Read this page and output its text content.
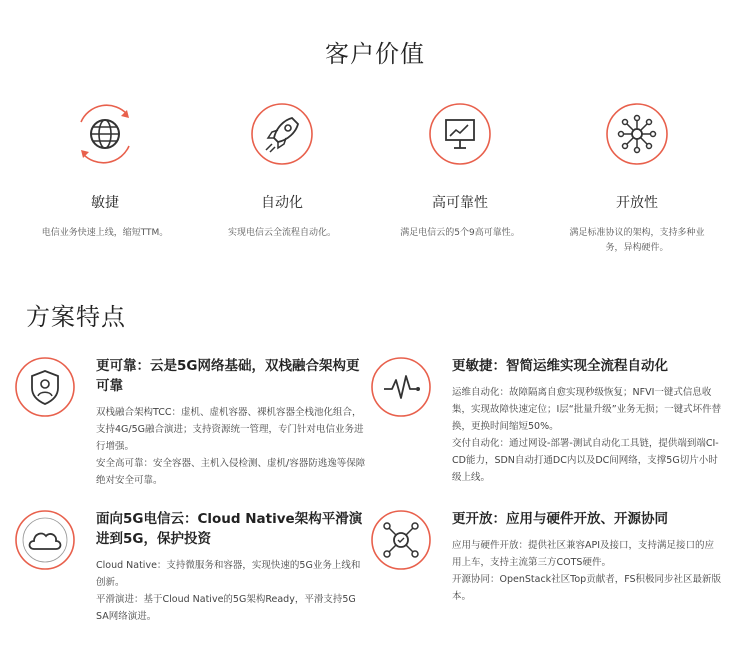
客户价值
敏捷
电信业务快速上线，缩短TTM。
自动化
实现电信云全流程自动化。
高可靠性
满足电信云的5个9高可靠性。
开放性
满足标准协议的架构，支持多种业务，异构硬件。
方案特点
更可靠：云是5G网络基础，双栈融合架构更可靠

双栈融合架构TCC：虚机、虚机容器、裸机容器全栈池化组合，支持4G/5G融合演进；支持资源统一管理，专门针对电信业务进行增强。

安全高可靠：安全容器、主机入侵检测、虚机/容器防逃逸等保障绝对安全可靠。

更敏捷：智简运维实现全流程自动化

运维自动化：故障隔离自愈实现秒级恢复；NFVI一键式信息收集，实现故障快速定位；I层“批量升级”业务无损；一键式坏件替换，更换时间缩短50%。

交付自动化：通过网设-部署-测试自动化工具链，提供端到端CI-CD能力，SDN自动打通DC内以及DC间网络，支撑5G切片小时级上线。

面向5G电信云：Cloud Native架构平滑演进到5G，保护投资

Cloud Native：支持微服务和容器，实现快速的5G业务上线和创新。

平滑演进：基于Cloud Native的5G架构Ready，平滑支持5G SA网络演进。

更开放：应用与硬件开放、开源协同

应用与硬件开放：提供社区兼容API及接口，支持满足接口的应用上车，支持主流第三方COTS硬件。

开源协同：OpenStack社区Top贡献者，FS积极同步社区最新版本。
